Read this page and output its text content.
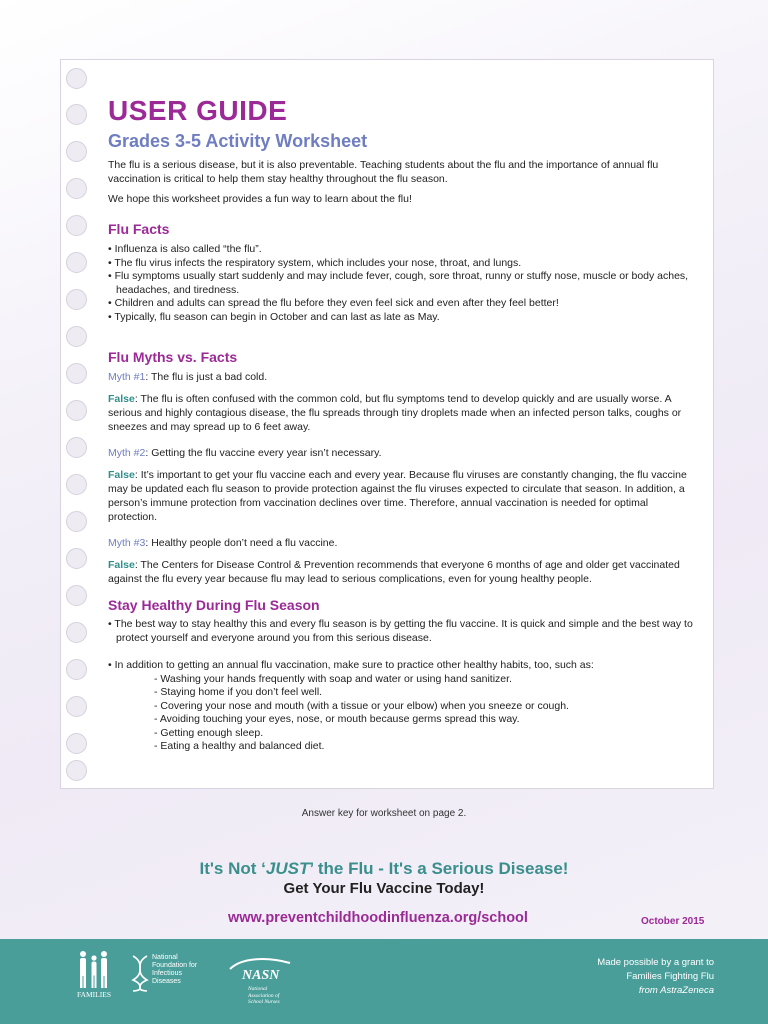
USER GUIDE
Grades 3-5 Activity Worksheet

The flu is a serious disease, but it is also preventable. Teaching students about the flu and the importance of annual flu vaccination is critical to help them stay healthy throughout the flu season.

We hope this worksheet provides a fun way to learn about the flu!

Flu Facts
• Influenza is also called “the flu”.
• The flu virus infects the respiratory system, which includes your nose, throat, and lungs.
• Flu symptoms usually start suddenly and may include fever, cough, sore throat, runny or stuffy nose, muscle or body aches, headaches, and tiredness.
• Children and adults can spread the flu before they even feel sick and even after they feel better!
• Typically, flu season can begin in October and can last as late as May.
Flu Myths vs. Facts

Myth #1: The flu is just a bad cold.

False: The flu is often confused with the common cold, but flu symptoms tend to develop quickly and are usually worse. A serious and highly contagious disease, the flu spreads through tiny droplets made when an infected person talks, coughs or sneezes and may spread up to 6 feet away.

Myth #2: Getting the flu vaccine every year isn’t necessary.

False: It’s important to get your flu vaccine each and every year. Because flu viruses are constantly changing, the flu vaccine may be updated each flu season to provide protection against the flu viruses expected to circulate that season. In addition, a person’s immune protection from vaccination declines over time. Therefore, annual vaccination is needed for optimal protection.

Myth #3: Healthy people don’t need a flu vaccine.

False: The Centers for Disease Control & Prevention recommends that everyone 6 months of age and older get vaccinated against the flu every year because flu may lead to serious complications, even for young healthy people.

Stay Healthy During Flu Season
• The best way to stay healthy this and every flu season is by getting the flu vaccine. It is quick and simple and the best way to protect yourself and everyone around you from this serious disease.
• In addition to getting an annual flu vaccination, make sure to practice other healthy habits, too, such as:
- Washing your hands frequently with soap and water or using hand sanitizer.
- Staying home if you don’t feel well.
- Covering your nose and mouth (with a tissue or your elbow) when you sneeze or cough.
- Avoiding touching your eyes, nose, or mouth because germs spread this way.
- Getting enough sleep.
- Eating a healthy and balanced diet.
Answer key for worksheet on page 2.
It's Not ‘JUST’ the Flu - It's a Serious Disease!
Get Your Flu Vaccine Today!
www.preventchildhoodinfluenza.org/school	October 2015
FAMILIES
National
Foundation for
Infectious
Diseases	NASN
National Association of School Nurses
Made possible by a grant to
Families Fighting Flu
from AstraZeneca
